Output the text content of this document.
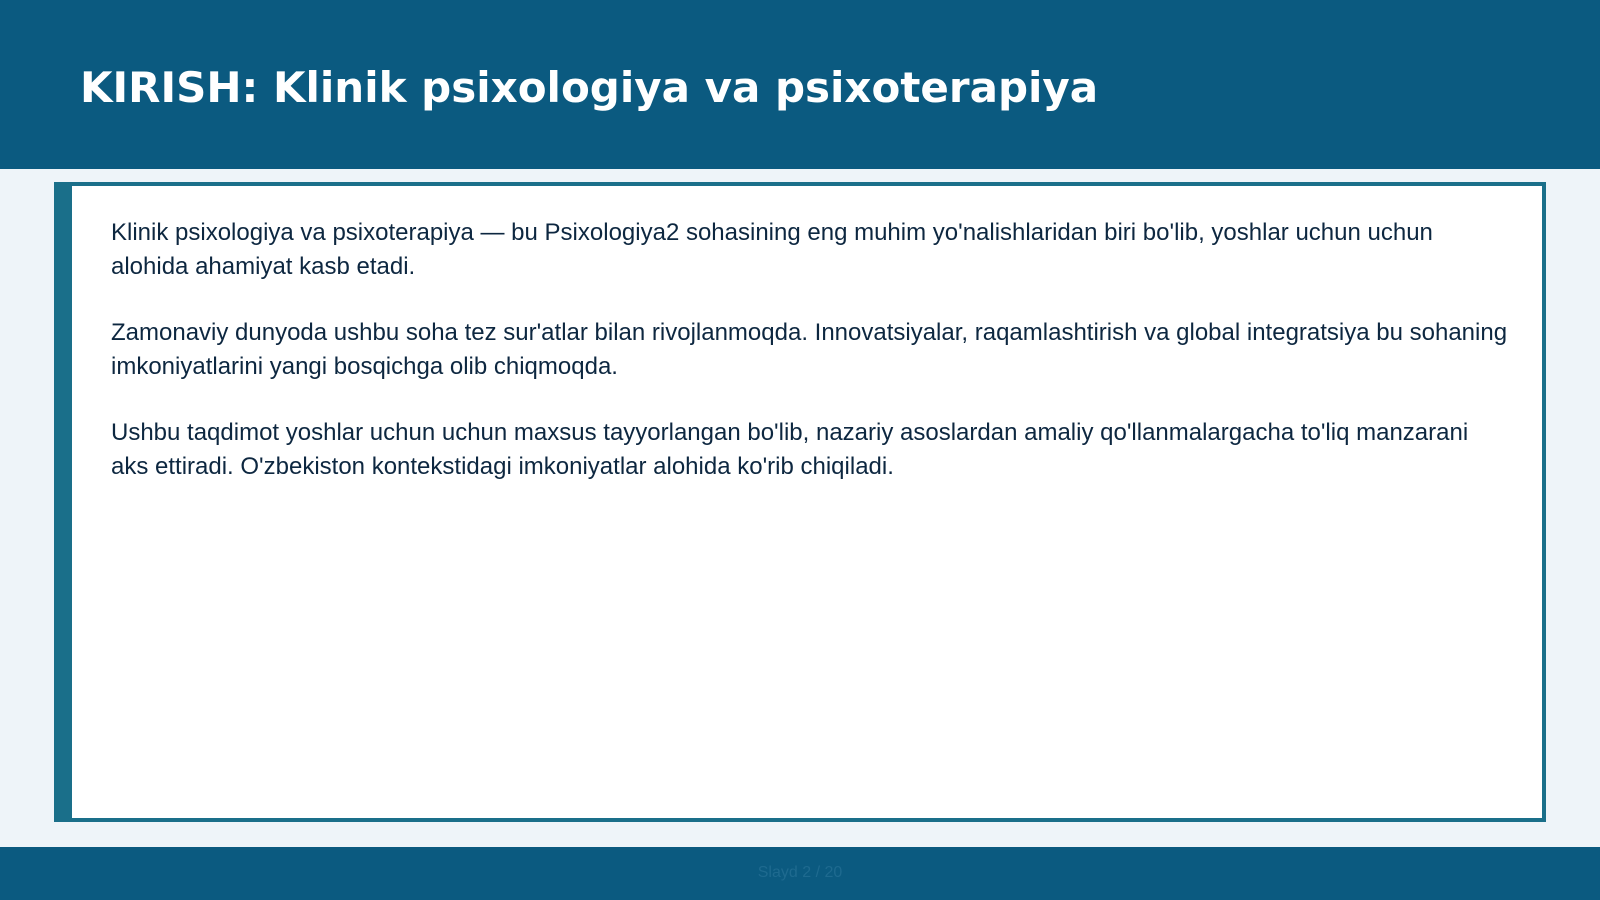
KIRISH: Klinik psixologiya va psixoterapiya

Klinik psixologiya va psixoterapiya — bu Psixologiya2 sohasining eng muhim yo'nalishlaridan biri bo'lib, yoshlar uchun uchun alohida ahamiyat kasb etadi.

Zamonaviy dunyoda ushbu soha tez sur'atlar bilan rivojlanmoqda. Innovatsiyalar, raqamlashtirish va global integratsiya bu sohaning imkoniyatlarini yangi bosqichga olib chiqmoqda.

Ushbu taqdimot yoshlar uchun uchun maxsus tayyorlangan bo'lib, nazariy asoslardan amaliy qo'llanmalargacha to'liq manzarani aks ettiradi. O'zbekiston kontekstidagi imkoniyatlar alohida ko'rib chiqiladi.

Slayd 2 / 20
